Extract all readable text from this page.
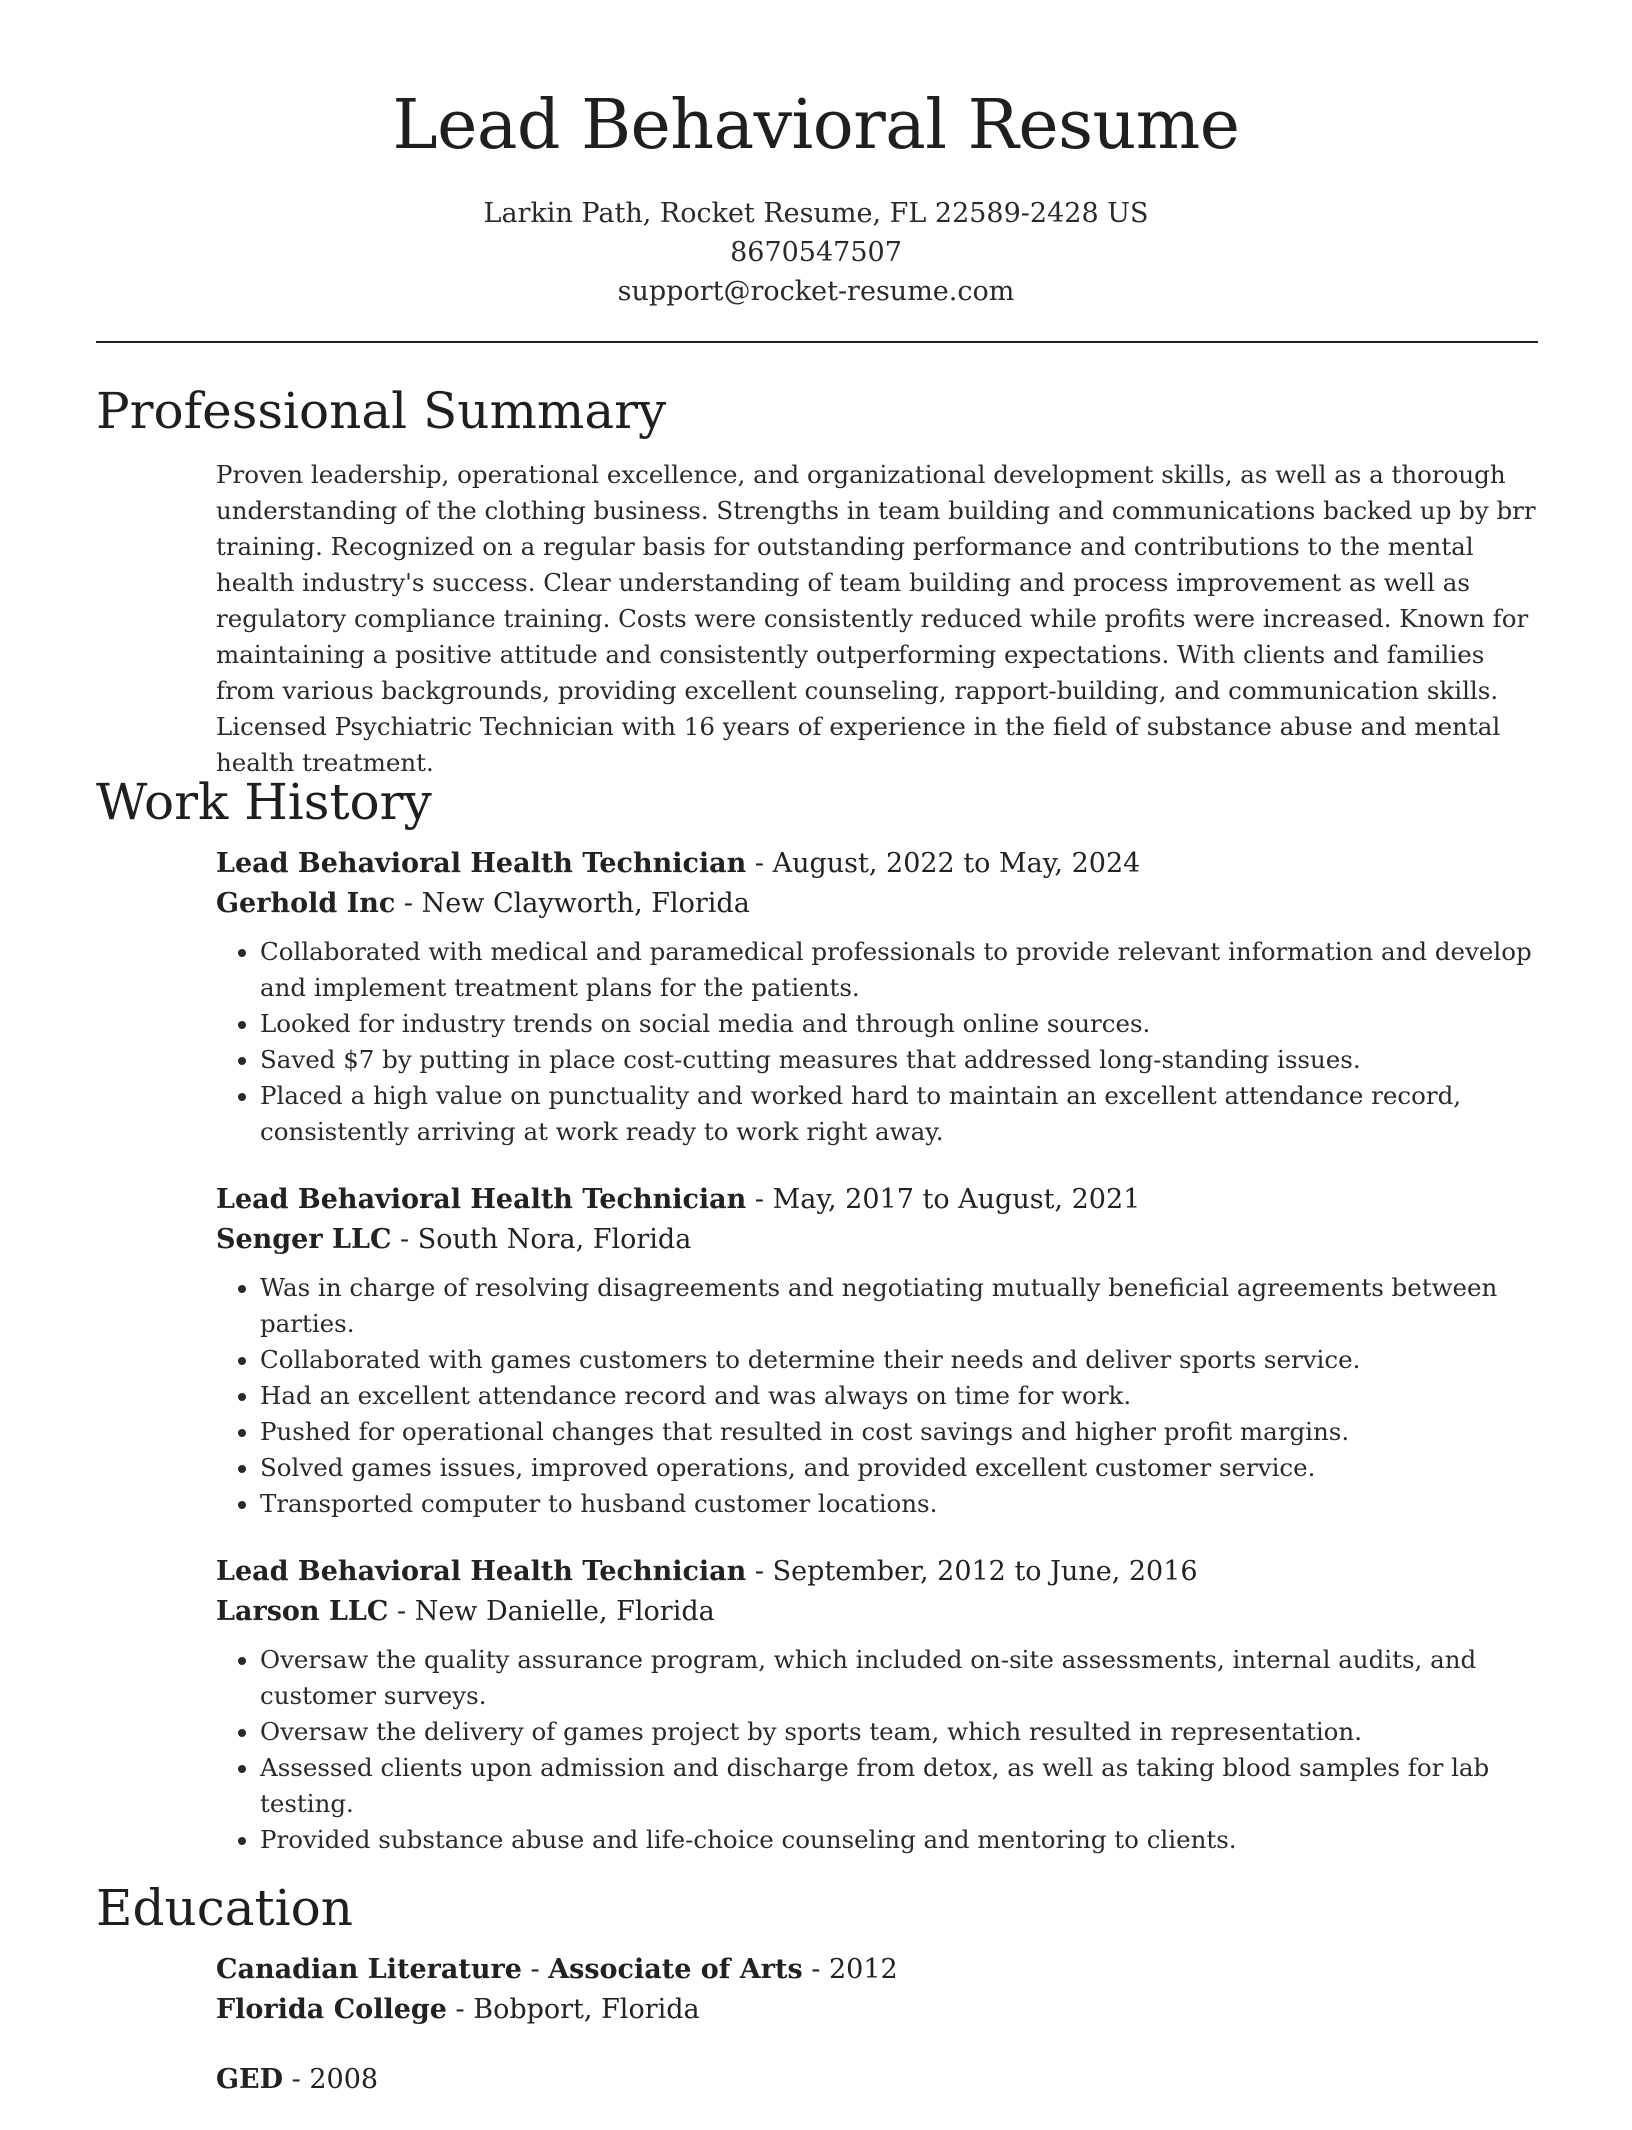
Lead Behavioral Resume
Larkin Path, Rocket Resume, FL 22589-2428 US
8670547507
support@rocket-resume.com
Professional Summary
Proven leadership, operational excellence, and organizational development skills, as well as a thorough understanding of the clothing business. Strengths in team building and communications backed up by brr training. Recognized on a regular basis for outstanding performance and contributions to the mental health industry's success. Clear understanding of team building and process improvement as well as regulatory compliance training. Costs were consistently reduced while profits were increased. Known for maintaining a positive attitude and consistently outperforming expectations. With clients and families from various backgrounds, providing excellent counseling, rapport-building, and communication skills. Licensed Psychiatric Technician with 16 years of experience in the field of substance abuse and mental health treatment.
Work History
Lead Behavioral Health Technician - August, 2022 to May, 2024
Gerhold Inc - New Clayworth, Florida
• Collaborated with medical and paramedical professionals to provide relevant information and develop and implement treatment plans for the patients.
• Looked for industry trends on social media and through online sources.
• Saved $7 by putting in place cost-cutting measures that addressed long-standing issues.
• Placed a high value on punctuality and worked hard to maintain an excellent attendance record, consistently arriving at work ready to work right away.
Lead Behavioral Health Technician - May, 2017 to August, 2021
Senger LLC - South Nora, Florida
• Was in charge of resolving disagreements and negotiating mutually beneficial agreements between parties.
• Collaborated with games customers to determine their needs and deliver sports service.
• Had an excellent attendance record and was always on time for work.
• Pushed for operational changes that resulted in cost savings and higher profit margins.
• Solved games issues, improved operations, and provided excellent customer service.
• Transported computer to husband customer locations.
Lead Behavioral Health Technician - September, 2012 to June, 2016
Larson LLC - New Danielle, Florida
• Oversaw the quality assurance program, which included on-site assessments, internal audits, and customer surveys.
• Oversaw the delivery of games project by sports team, which resulted in representation.
• Assessed clients upon admission and discharge from detox, as well as taking blood samples for lab testing.
• Provided substance abuse and life-choice counseling and mentoring to clients.
Education
Canadian Literature - Associate of Arts - 2012
Florida College - Bobport, Florida
GED - 2008
